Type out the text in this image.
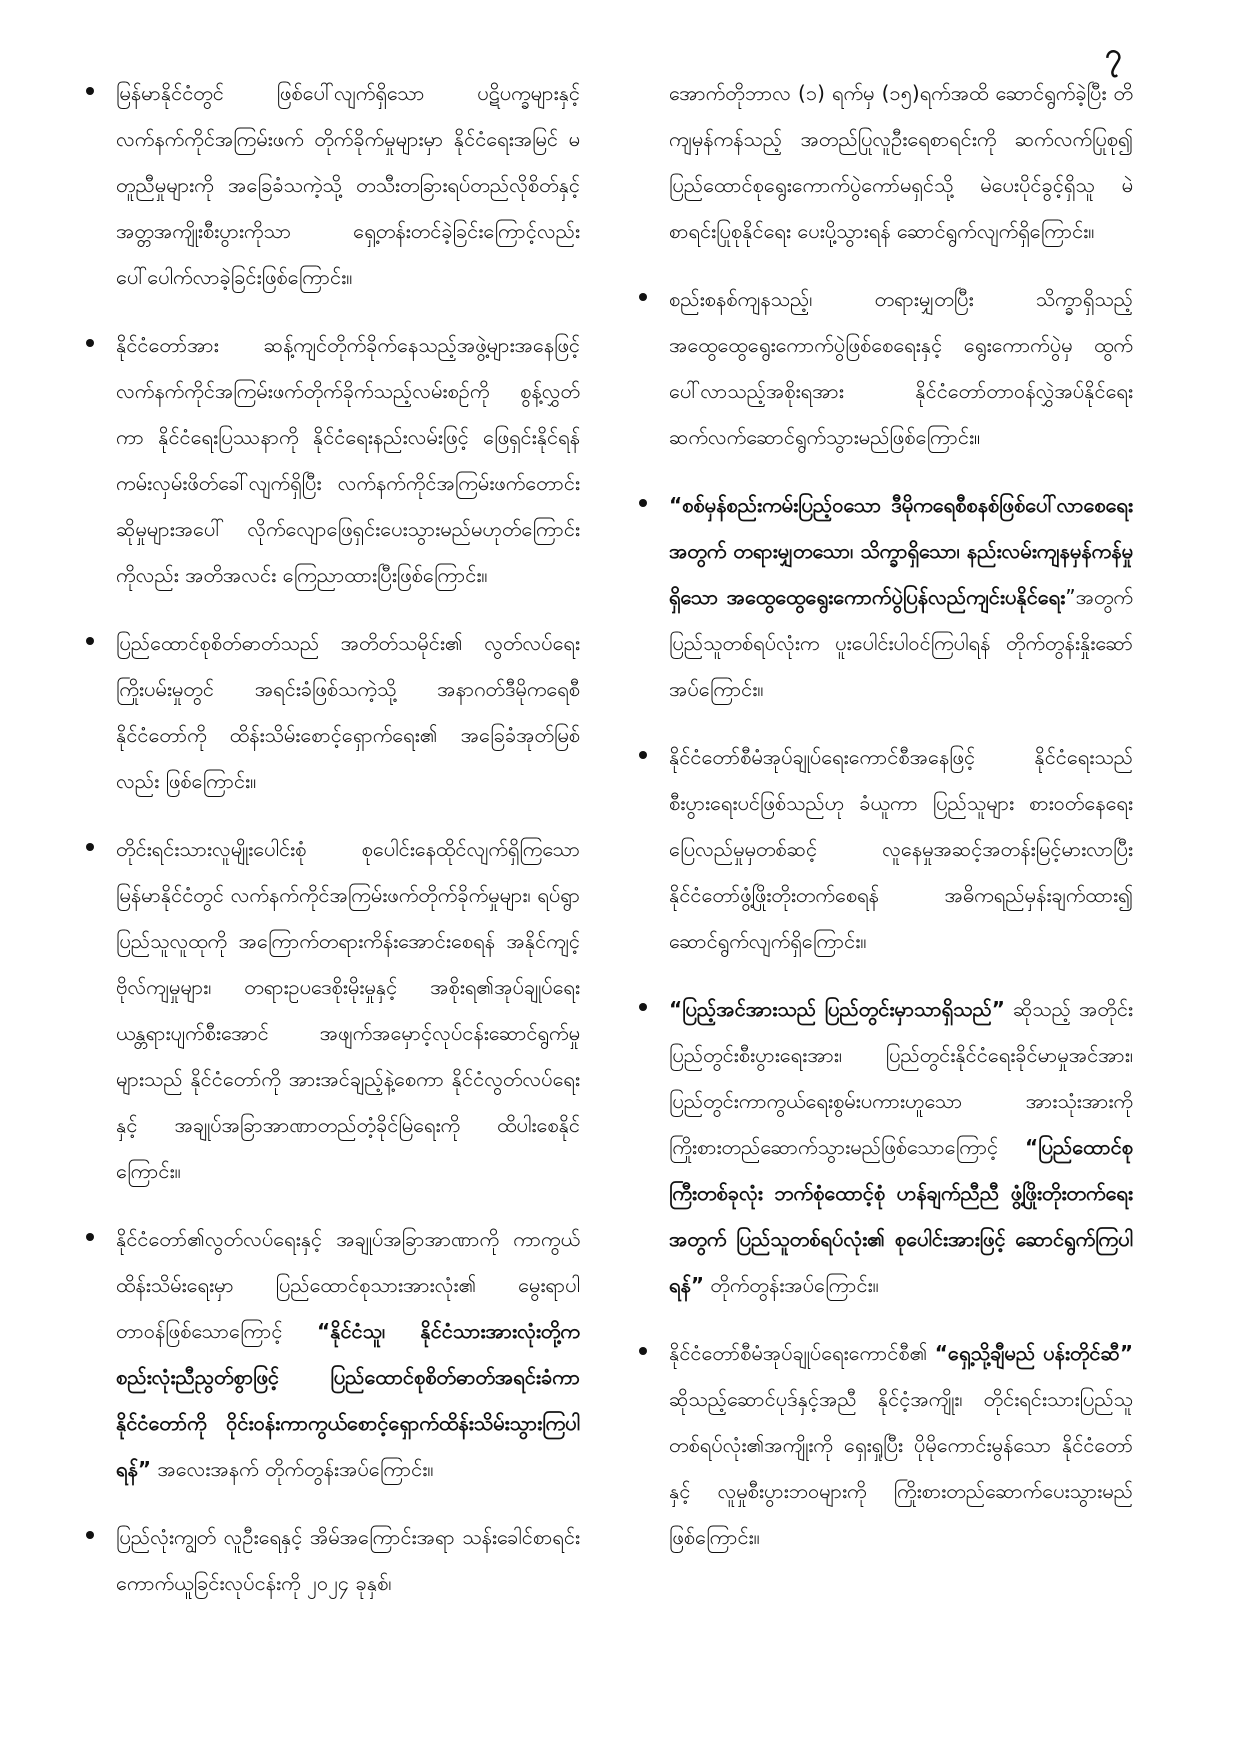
၇

မြန်မာနိုင်ငံတွင် ဖြစ်ပေါ်လျက်ရှိသော ပဋိပက္ခများနှင့် လက်နက်ကိုင်အကြမ်းဖက် တိုက်ခိုက်မှုများမှာ နိုင်ငံရေးအမြင် မတူညီမှုများကို အခြေခံသကဲ့သို့ တသီးတခြားရပ်တည်လိုစိတ်နှင့် အတ္တအကျိုးစီးပွားကိုသာ ရှေ့တန်းတင်ခဲ့ခြင်းကြောင့်လည်း ပေါ်ပေါက်လာခဲ့ခြင်းဖြစ်ကြောင်း။

နိုင်ငံတော်အား ဆန့်ကျင်တိုက်ခိုက်နေသည့်အဖွဲ့များအနေဖြင့် လက်နက်ကိုင်အကြမ်းဖက်တိုက်ခိုက်သည့်လမ်းစဉ်ကို စွန့်လွှတ်ကာ နိုင်ငံရေးပြဿနာကို နိုင်ငံရေးနည်းလမ်းဖြင့် ဖြေရှင်းနိုင်ရန် ကမ်းလှမ်းဖိတ်ခေါ်လျက်ရှိပြီး လက်နက်ကိုင်အကြမ်းဖက်တောင်းဆိုမှုများအပေါ် လိုက်လျောဖြေရှင်းပေးသွားမည်မဟုတ်ကြောင်းကိုလည်း အတိအလင်း ကြေညာထားပြီးဖြစ်ကြောင်း။

ပြည်ထောင်စုစိတ်ဓာတ်သည် အတိတ်သမိုင်း၏ လွတ်လပ်ရေးကြိုးပမ်းမှုတွင် အရင်းခံဖြစ်သကဲ့သို့ အနာဂတ်ဒီမိုကရေစီနိုင်ငံတော်ကို ထိန်းသိမ်းစောင့်ရှောက်ရေး၏ အခြေခံအုတ်မြစ်လည်း ဖြစ်ကြောင်း။

တိုင်းရင်းသားလူမျိုးပေါင်းစုံ စုပေါင်းနေထိုင်လျက်ရှိကြသော မြန်မာနိုင်ငံတွင် လက်နက်ကိုင်အကြမ်းဖက်တိုက်ခိုက်မှုများ၊ ရပ်ရွာပြည်သူလူထုကို အကြောက်တရားကိန်းအောင်းစေရန် အနိုင်ကျင့်ဗိုလ်ကျမှုများ၊ တရားဥပဒေစိုးမိုးမှုနှင့် အစိုးရ၏အုပ်ချုပ်ရေးယန္တရားပျက်စီးအောင် အဖျက်အမှောင့်လုပ်ငန်းဆောင်ရွက်မှုများသည် နိုင်ငံတော်ကို အားအင်ချည့်နဲ့စေကာ နိုင်ငံလွတ်လပ်ရေးနှင့် အချုပ်အခြာအာဏာတည်တံ့ခိုင်မြဲရေးကို ထိပါးစေနိုင်ကြောင်း။

နိုင်ငံတော်၏လွတ်လပ်ရေးနှင့် အချုပ်အခြာအာဏာကို ကာကွယ်ထိန်းသိမ်းရေးမှာ ပြည်ထောင်စုသားအားလုံး၏ မွေးရာပါတာဝန်ဖြစ်သောကြောင့် “နိုင်ငံသူ၊ နိုင်ငံသားအားလုံးတို့က စည်းလုံးညီညွတ်စွာဖြင့် ပြည်ထောင်စုစိတ်ဓာတ်အရင်းခံကာ နိုင်ငံတော်ကို ဝိုင်းဝန်းကာကွယ်စောင့်ရှောက်ထိန်းသိမ်းသွားကြပါရန်” အလေးအနက် တိုက်တွန်းအပ်ကြောင်း။

ပြည်လုံးကျွတ် လူဦးရေနှင့် အိမ်အကြောင်းအရာ သန်းခေါင်စာရင်းကောက်ယူခြင်းလုပ်ငန်းကို ၂၀၂၄ ခုနှစ်၊

အောက်တိုဘာလ (၁) ရက်မှ (၁၅)ရက်အထိ ဆောင်ရွက်ခဲ့ပြီး တိကျမှန်ကန်သည့် အတည်ပြုလူဦးရေစာရင်းကို ဆက်လက်ပြုစု၍ ပြည်ထောင်စုရွေးကောက်ပွဲကော်မရှင်သို့ မဲပေးပိုင်ခွင့်ရှိသူ မဲစာရင်းပြုစုနိုင်ရေး ပေးပို့သွားရန် ဆောင်ရွက်လျက်ရှိကြောင်း။

စည်းစနစ်ကျနသည့်၊ တရားမျှတပြီး သိက္ခာရှိသည့် အထွေထွေရွေးကောက်ပွဲဖြစ်စေရေးနှင့် ရွေးကောက်ပွဲမှ ထွက်ပေါ်လာသည့်အစိုးရအား နိုင်ငံတော်တာဝန်လွှဲအပ်နိုင်ရေး ဆက်လက်ဆောင်ရွက်သွားမည်ဖြစ်ကြောင်း။

“စစ်မှန်စည်းကမ်းပြည့်ဝသော ဒီမိုကရေစီစနစ်ဖြစ်ပေါ်လာစေရေးအတွက် တရားမျှတသော၊ သိက္ခာရှိသော၊ နည်းလမ်းကျနမှန်ကန်မှုရှိသော အထွေထွေရွေးကောက်ပွဲပြန်လည်ကျင်းပနိုင်ရေး”အတွက် ပြည်သူတစ်ရပ်လုံးက ပူးပေါင်းပါဝင်ကြပါရန် တိုက်တွန်းနှိုးဆော်အပ်ကြောင်း။

နိုင်ငံတော်စီမံအုပ်ချုပ်ရေးကောင်စီအနေဖြင့် နိုင်ငံရေးသည် စီးပွားရေးပင်ဖြစ်သည်ဟု ခံယူကာ ပြည်သူများ စားဝတ်နေရေးပြေလည်မှုမှတစ်ဆင့် လူနေမှုအဆင့်အတန်းမြင့်မားလာပြီး နိုင်ငံတော်ဖွံ့ဖြိုးတိုးတက်စေရန် အဓိကရည်မှန်းချက်ထား၍ ဆောင်ရွက်လျက်ရှိကြောင်း။

“ပြည့်အင်အားသည် ပြည်တွင်းမှာသာရှိသည်” ဆိုသည့် အတိုင်း ပြည်တွင်းစီးပွားရေးအား၊ ပြည်တွင်းနိုင်ငံရေးခိုင်မာမှုအင်အား၊ ပြည်တွင်းကာကွယ်ရေးစွမ်းပကားဟူသော အားသုံးအားကို ကြိုးစားတည်ဆောက်သွားမည်ဖြစ်သောကြောင့် “ပြည်ထောင်စုကြီးတစ်ခုလုံး ဘက်စုံထောင့်စုံ ဟန်ချက်ညီညီ ဖွံ့ဖြိုးတိုးတက်ရေးအတွက် ပြည်သူတစ်ရပ်လုံး၏ စုပေါင်းအားဖြင့် ဆောင်ရွက်ကြပါရန်” တိုက်တွန်းအပ်ကြောင်း။

နိုင်ငံတော်စီမံအုပ်ချုပ်ရေးကောင်စီ၏ “ရှေ့သို့ချီမည် ပန်းတိုင်ဆီ” ဆိုသည့်ဆောင်ပုဒ်နှင့်အညီ နိုင်ငံ့အကျိုး၊ တိုင်းရင်းသားပြည်သူတစ်ရပ်လုံး၏အကျိုးကို ရှေးရှုပြီး ပိုမိုကောင်းမွန်သော နိုင်ငံတော်နှင့် လူမှုစီးပွားဘဝများကို ကြိုးစားတည်ဆောက်ပေးသွားမည်ဖြစ်ကြောင်း။
